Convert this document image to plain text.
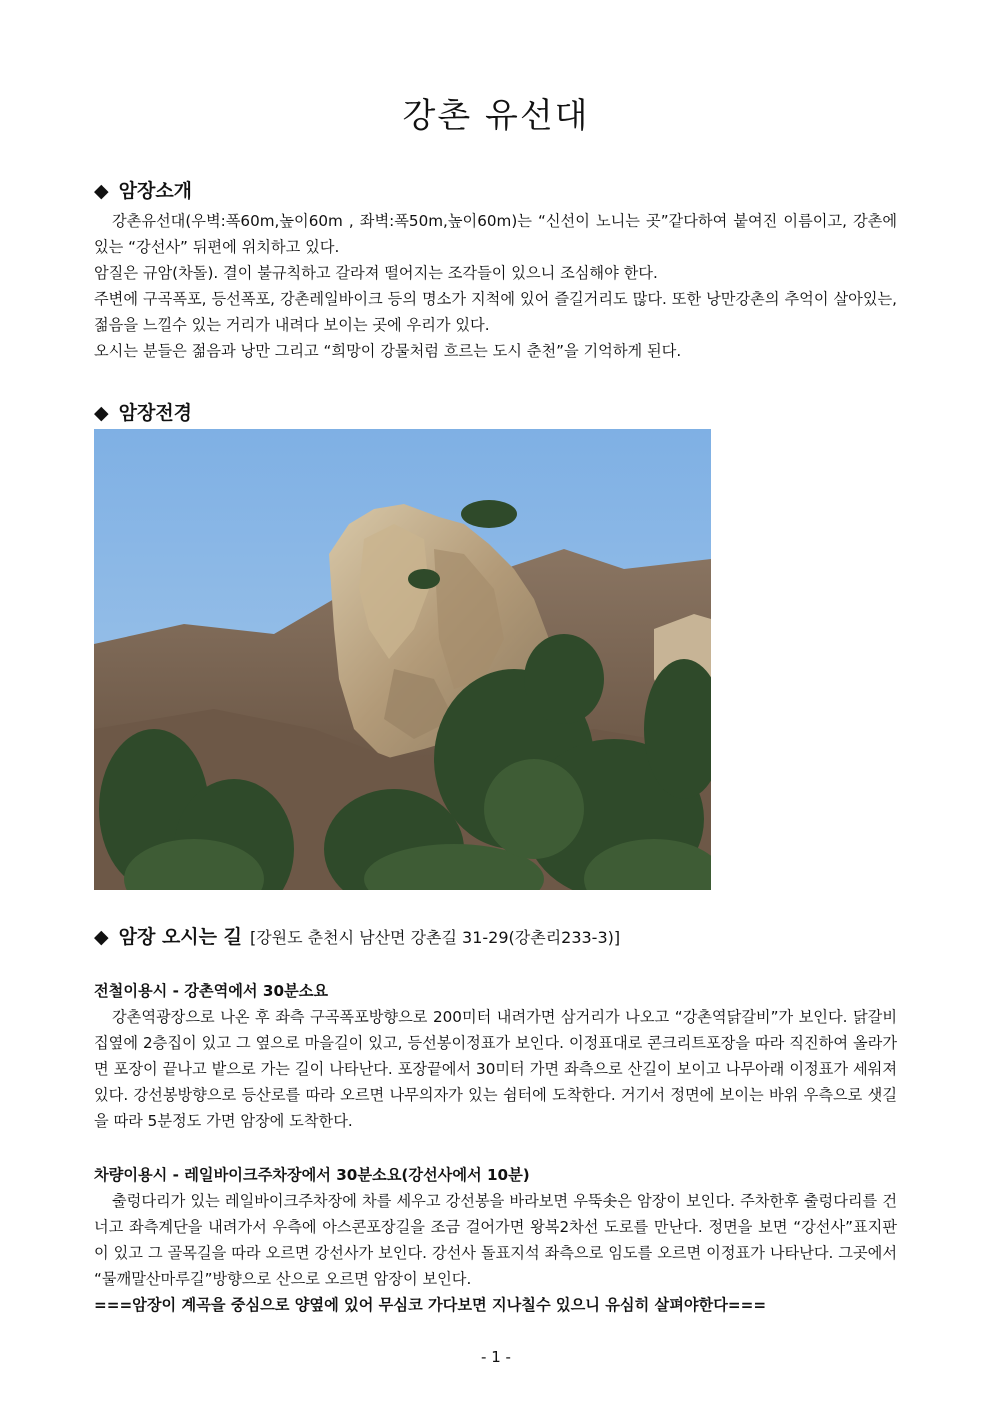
강촌 유선대
◆ 암장소개

강촌유선대(우벽:폭60m,높이60m , 좌벽:폭50m,높이60m)는 “신선이 노니는 곳”같다하여 붙여진 이름이고, 강촌에 있는 “강선사” 뒤편에 위치하고 있다.

암질은 규암(차돌). 결이 불규칙하고 갈라져 떨어지는 조각들이 있으니 조심해야 한다.

주변에 구곡폭포, 등선폭포, 강촌레일바이크 등의 명소가 지척에 있어 즐길거리도 많다. 또한 낭만강촌의 추억이 살아있는, 젊음을 느낄수 있는 거리가 내려다 보이는 곳에 우리가 있다.

오시는 분들은 젊음과 낭만 그리고 “희망이 강물처럼 흐르는 도시 춘천”을 기억하게 된다.

◆ 암장전경
◆ 암장 오시는 길 [강원도 춘천시 남산면 강촌길 31-29(강촌리233-3)]
전철이용시 - 강촌역에서 30분소요

강촌역광장으로 나온 후 좌측 구곡폭포방향으로 200미터 내려가면 삼거리가 나오고 “강촌역닭갈비”가 보인다. 닭갈비집옆에 2층집이 있고 그 옆으로 마을길이 있고, 등선봉이정표가 보인다. 이정표대로 콘크리트포장을 따라 직진하여 올라가면 포장이 끝나고 밭으로 가는 길이 나타난다. 포장끝에서 30미터 가면 좌측으로 산길이 보이고 나무아래 이정표가 세워져 있다. 강선봉방향으로 등산로를 따라 오르면 나무의자가 있는 쉼터에 도착한다. 거기서 정면에 보이는 바위 우측으로 샛길을 따라 5분정도 가면 암장에 도착한다.

차량이용시 - 레일바이크주차장에서 30분소요(강선사에서 10분)

출렁다리가 있는 레일바이크주차장에 차를 세우고 강선봉을 바라보면 우뚝솟은 암장이 보인다. 주차한후 출렁다리를 건너고 좌측계단을 내려가서 우측에 아스콘포장길을 조금 걸어가면 왕복2차선 도로를 만난다. 정면을 보면 “강선사”표지판이 있고 그 골목길을 따라 오르면 강선사가 보인다. 강선사 돌표지석 좌측으로 임도를 오르면 이정표가 나타난다. 그곳에서 “물깨말산마루길”방향으로 산으로 오르면 암장이 보인다.

===암장이 계곡을 중심으로 양옆에 있어 무심코 가다보면 지나칠수 있으니 유심히 살펴야한다===

- 1 -
